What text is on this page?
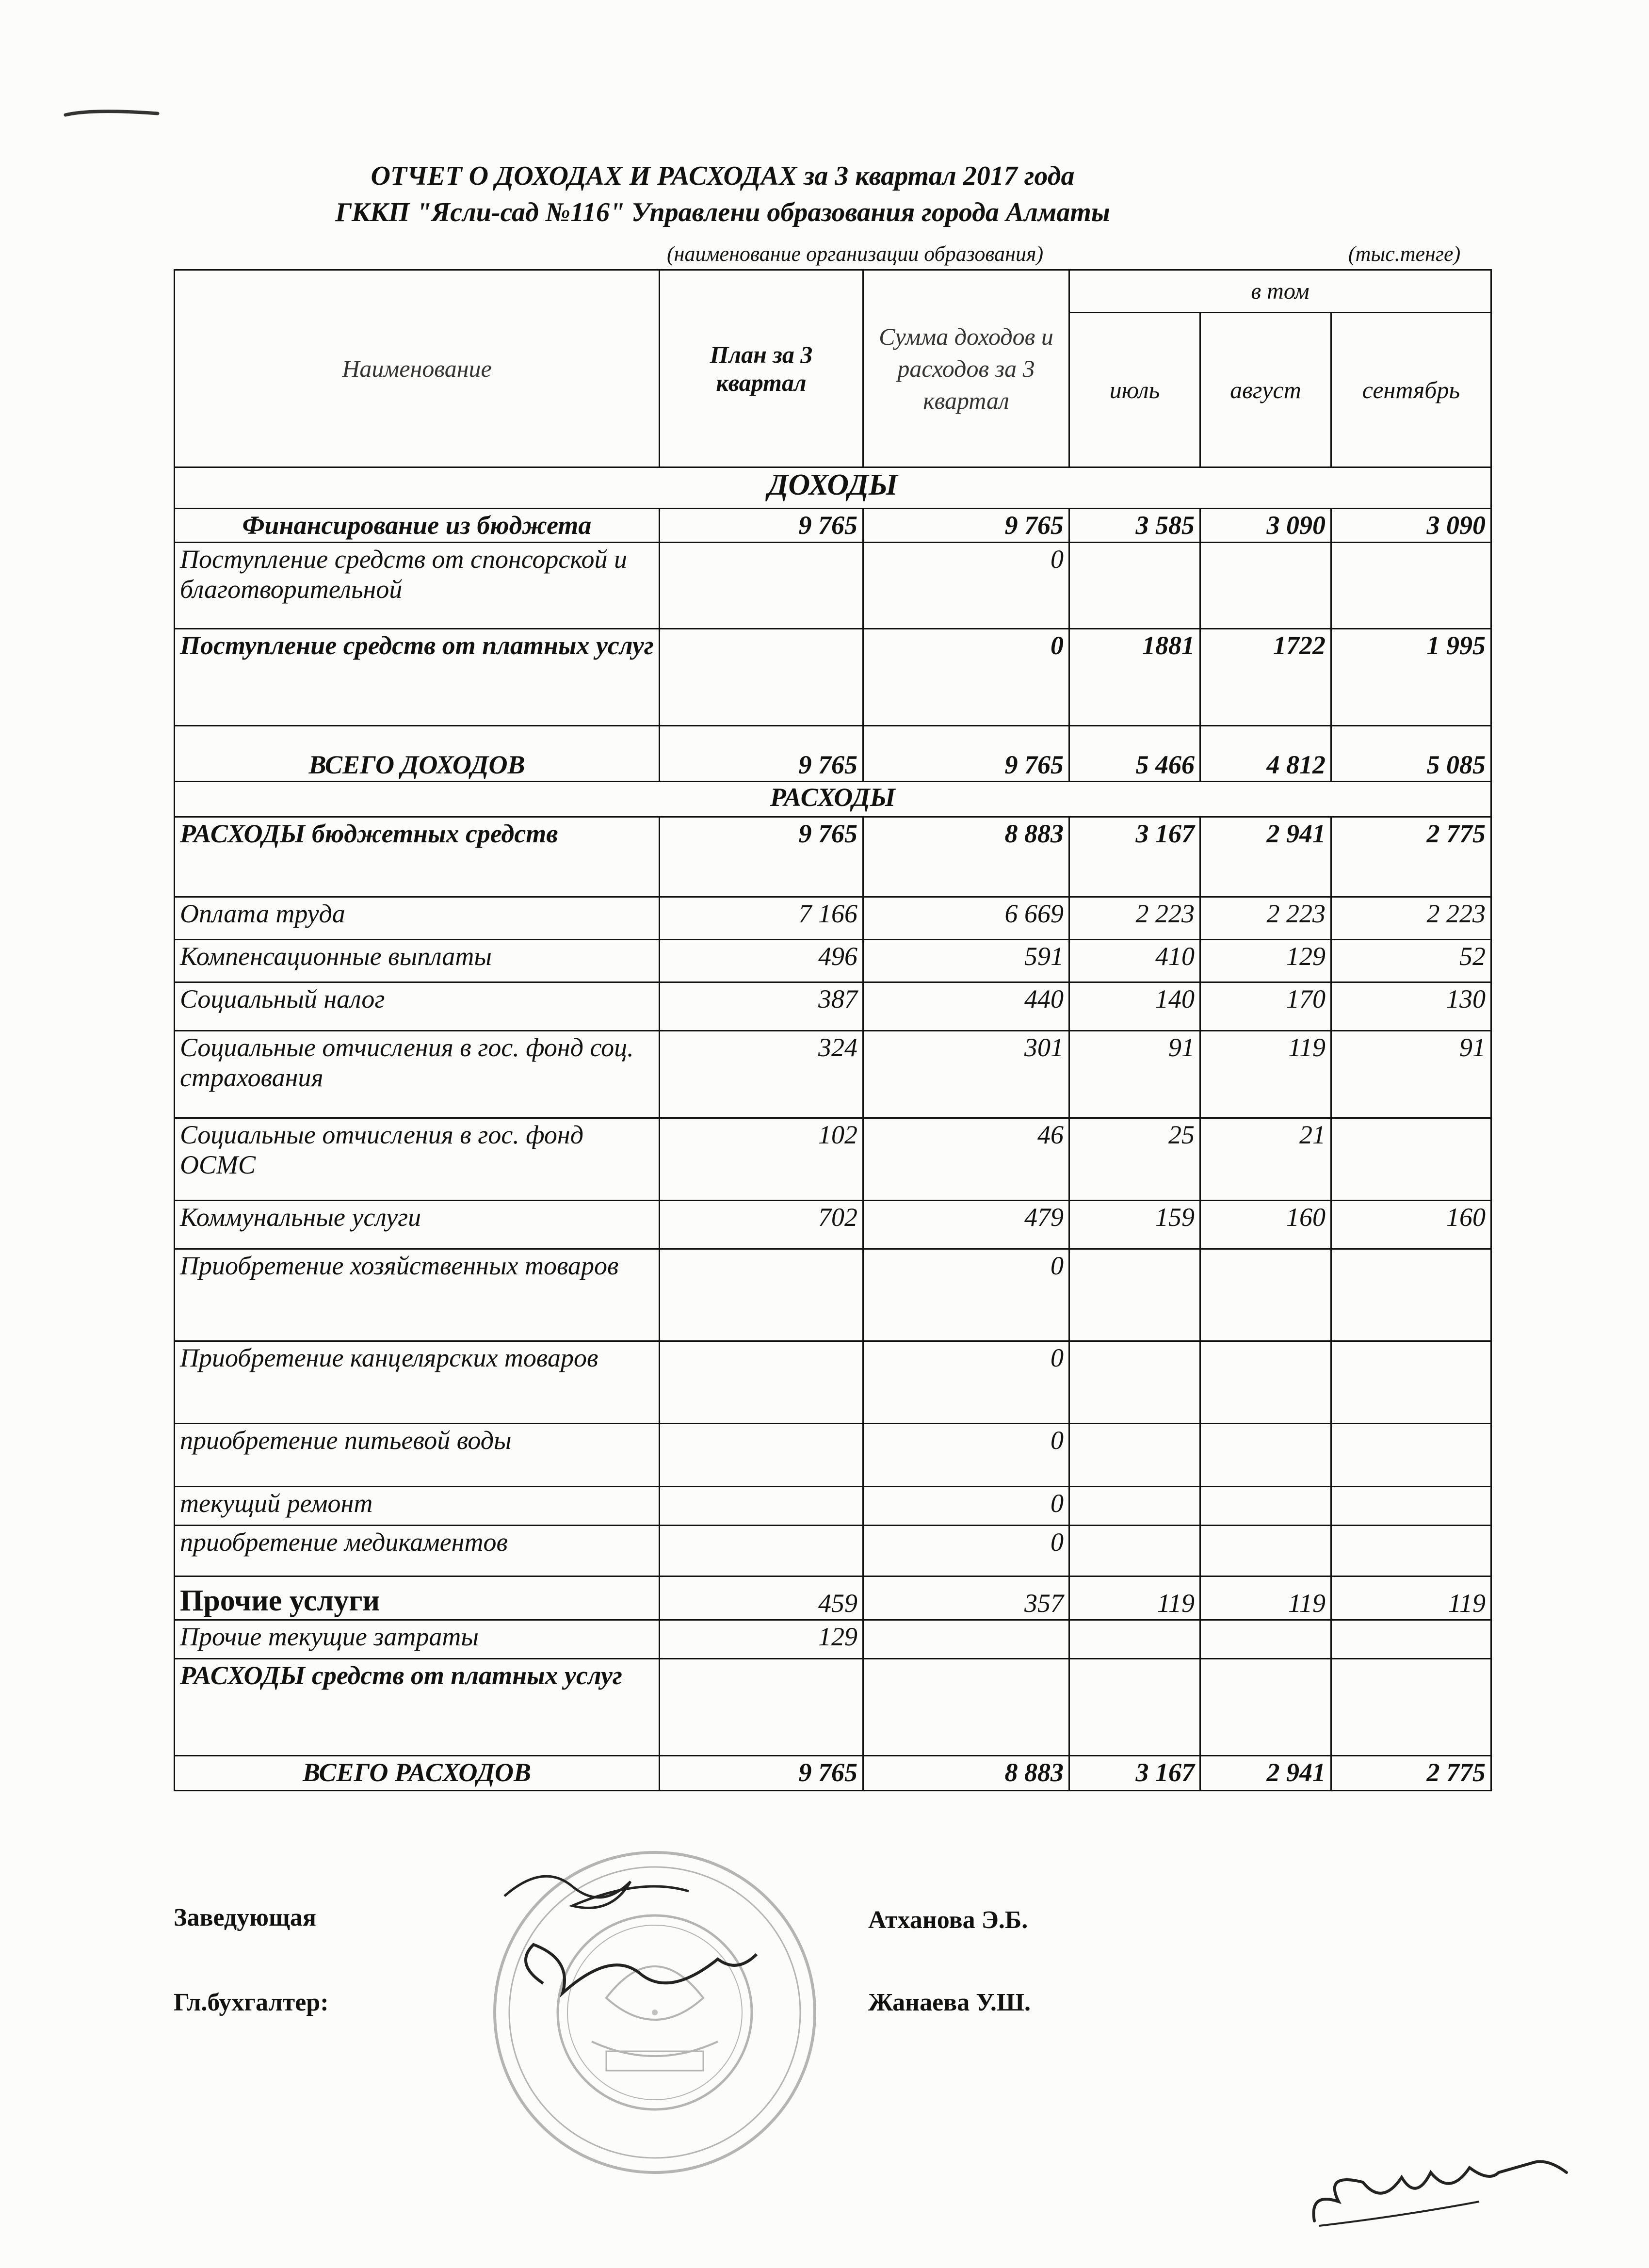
ОТЧЕТ О ДОХОДАХ И РАСХОДАХ за 3 квартал 2017 года
ГККП "Ясли-сад №116" Управлени образования города Алматы
(наименование организации образования)	(тыс.тенге)
Наименование	План за 3 квартал	Сумма доходов и расходов за 3 квартал	в том		
			июль	август	сентябрь
ДОХОДЫ					
Финансирование из бюджета	9 765	9 765	3 585	3 090	3 090
Поступление средств от спонсорской и благотворительной		0			
Поступление средств от платных услуг		0	1881	1722	1 995
ВСЕГО ДОХОДОВ	9 765	9 765	5 466	4 812	5 085
РАСХОДЫ					
РАСХОДЫ бюджетных средств	9 765	8 883	3 167	2 941	2 775
Оплата труда	7 166	6 669	2 223	2 223	2 223
Компенсационные выплаты	496	591	410	129	52
Социальный налог	387	440	140	170	130
Социальные отчисления в гос. фонд соц. страхования	324	301	91	119	91
Социальные отчисления в гос. фонд ОСМС	102	46	25	21	
Коммунальные услуги	702	479	159	160	160
Приобретение хозяйственных товаров		0			
Приобретение канцелярских товаров		0			
приобретение питьевой воды		0			
текущий ремонт		0			
приобретение медикаментов		0			
Прочие услуги	459	357	119	119	119
Прочие текущие затраты	129				
РАСХОДЫ средств от платных услуг					
ВСЕГО РАСХОДОВ	9 765	8 883	3 167	2 941	2 775
Заведующая	Атханова Э.Б.
Гл.бухгалтер:	Жанаева У.Ш.
